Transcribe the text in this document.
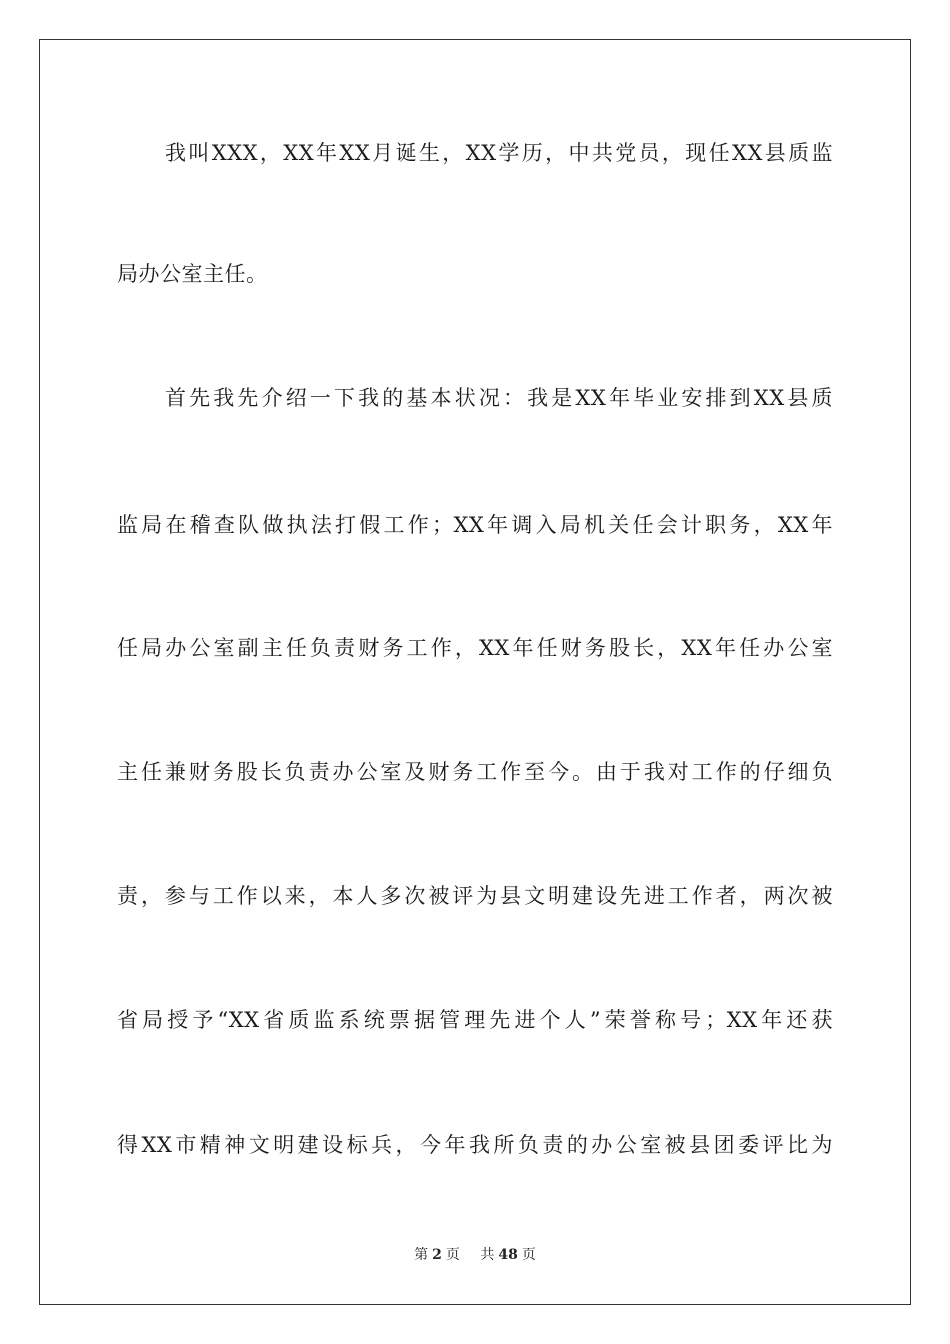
我叫XXX，XX年XX月诞生，XX学历，中共党员，现任XX县质监
局办公室主任。
首先我先介绍一下我的基本状况：我是XX年毕业安排到XX县质
监局在稽查队做执法打假工作；XX年调入局机关任会计职务，XX年
任局办公室副主任负责财务工作，XX年任财务股长，XX年任办公室
主任兼财务股长负责办公室及财务工作至今。由于我对工作的仔细负
责，参与工作以来，本人多次被评为县文明建设先进工作者，两次被
省局授予“XX省质监系统票据管理先进个人”荣誉称号；XX年还获
得XX市精神文明建设标兵，今年我所负责的办公室被县团委评比为
第 2 页 共 48 页
